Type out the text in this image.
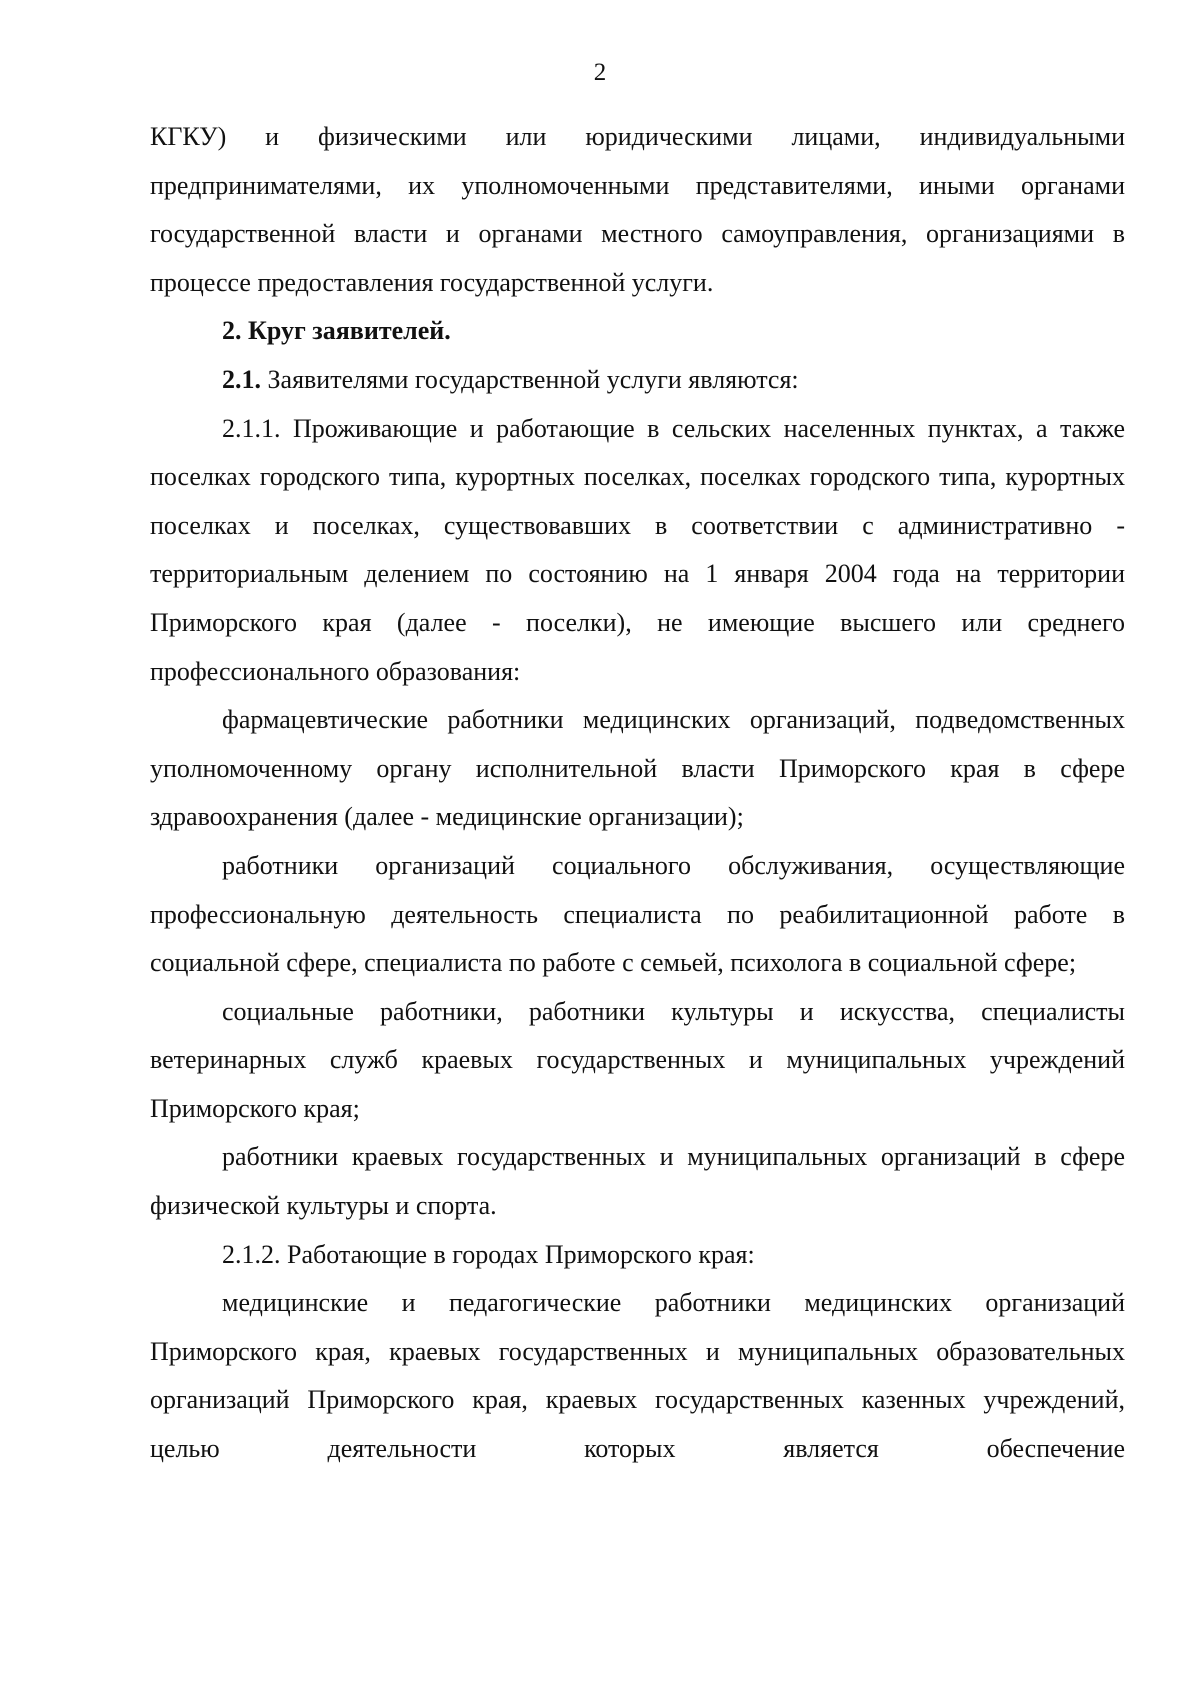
2

КГКУ) и физическими или юридическими лицами, индивидуальными предпринимателями, их уполномоченными представителями, иными органами государственной власти и органами местного самоуправления, организациями в процессе предоставления государственной услуги.

2. Круг заявителей.

2.1. Заявителями государственной услуги являются:

2.1.1. Проживающие и работающие в сельских населенных пунктах, а также поселках городского типа, курортных поселках, поселках городского типа, курортных поселках и поселках, существовавших в соответствии с административно - территориальным делением по состоянию на 1 января 2004 года на территории Приморского края (далее - поселки), не имеющие высшего или среднего профессионального образования:

фармацевтические работники медицинских организаций, подведомственных уполномоченному органу исполнительной власти Приморского края в сфере здравоохранения (далее - медицинские организации);

работники организаций социального обслуживания, осуществляющие профессиональную деятельность специалиста по реабилитационной работе в социальной сфере, специалиста по работе с семьей, психолога в социальной сфере;

социальные работники, работники культуры и искусства, специалисты ветеринарных служб краевых государственных и муниципальных учреждений Приморского края;

работники краевых государственных и муниципальных организаций в сфере физической культуры и спорта.

2.1.2. Работающие в городах Приморского края:

медицинские и педагогические работники медицинских организаций Приморского края, краевых государственных и муниципальных образовательных организаций Приморского края, краевых государственных казенных учреждений, целью деятельности которых является обеспечение
